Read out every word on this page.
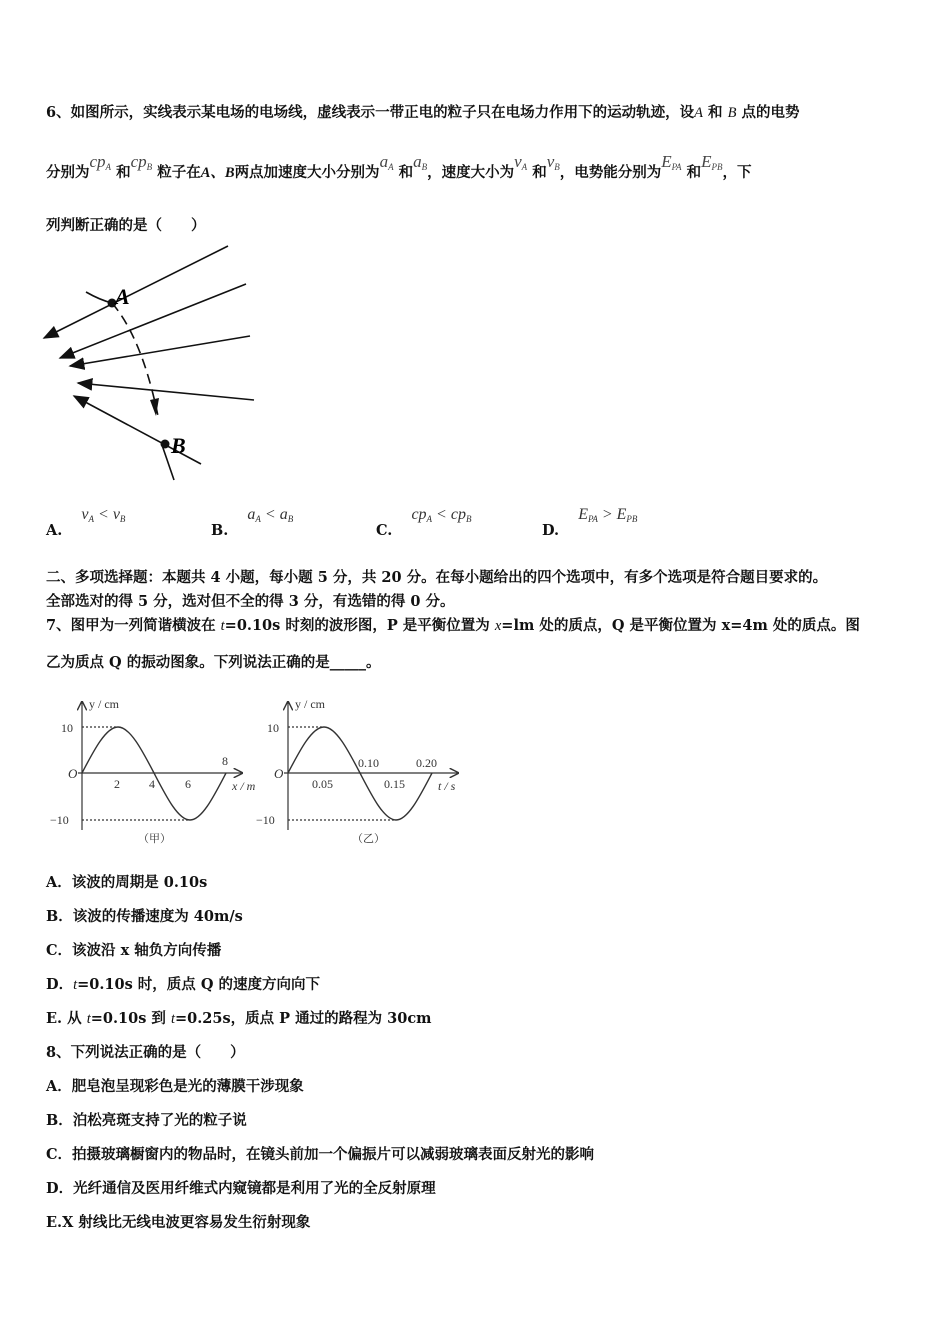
6、如图所示，实线表示某电场的电场线，虚线表示一带正电的粒子只在电场力作用下的运动轨迹，设A 和 B 点的电势
分别为$cp_A$ 和$cp_B$ 粒子在A、B两点加速度大小分别为$a_A$ 和$a_B$，速度大小为$v_A$ 和$v_B$，电势能分别为$E_{PA}$ 和$E_{PB}$，下
列判断正确的是（　　）
A
B
A. $v_A < v_B$
B. $a_A < a_B$
C. $cp_A < cp_B$
D. $E_{PA} > E_{PB}$
二、多项选择题：本题共 4 小题，每小题 5 分，共 20 分。在每小题给出的四个选项中，有多个选项是符合题目要求的。
全部选对的得 5 分，选对但不全的得 3 分，有选错的得 0 分。
7、图甲为一列简谐横波在 t=0.10s 时刻的波形图，P 是平衡位置为 x=lm 处的质点，Q 是平衡位置为 x=4m 处的质点。图
乙为质点 Q 的振动图象。下列说法正确的是_____。
y / cm
10
−10
O
2 4	6
8
x / m
（甲）
y / cm
10
−10
O
0.05	0.15
0.10	0.20
t / s
（乙）
A．该波的周期是 0.10s
B．该波的传播速度为 40m/s
C．该波沿 x 轴负方向传播
D．t=0.10s 时，质点 Q 的速度方向向下
E. 从 t=0.10s 到 t=0.25s，质点 P 通过的路程为 30cm
8、下列说法正确的是（　　）
A．肥皂泡呈现彩色是光的薄膜干涉现象
B．泊松亮斑支持了光的粒子说
C．拍摄玻璃橱窗内的物品时，在镜头前加一个偏振片可以减弱玻璃表面反射光的影响
D．光纤通信及医用纤维式内窥镜都是利用了光的全反射原理
E.X 射线比无线电波更容易发生衍射现象
